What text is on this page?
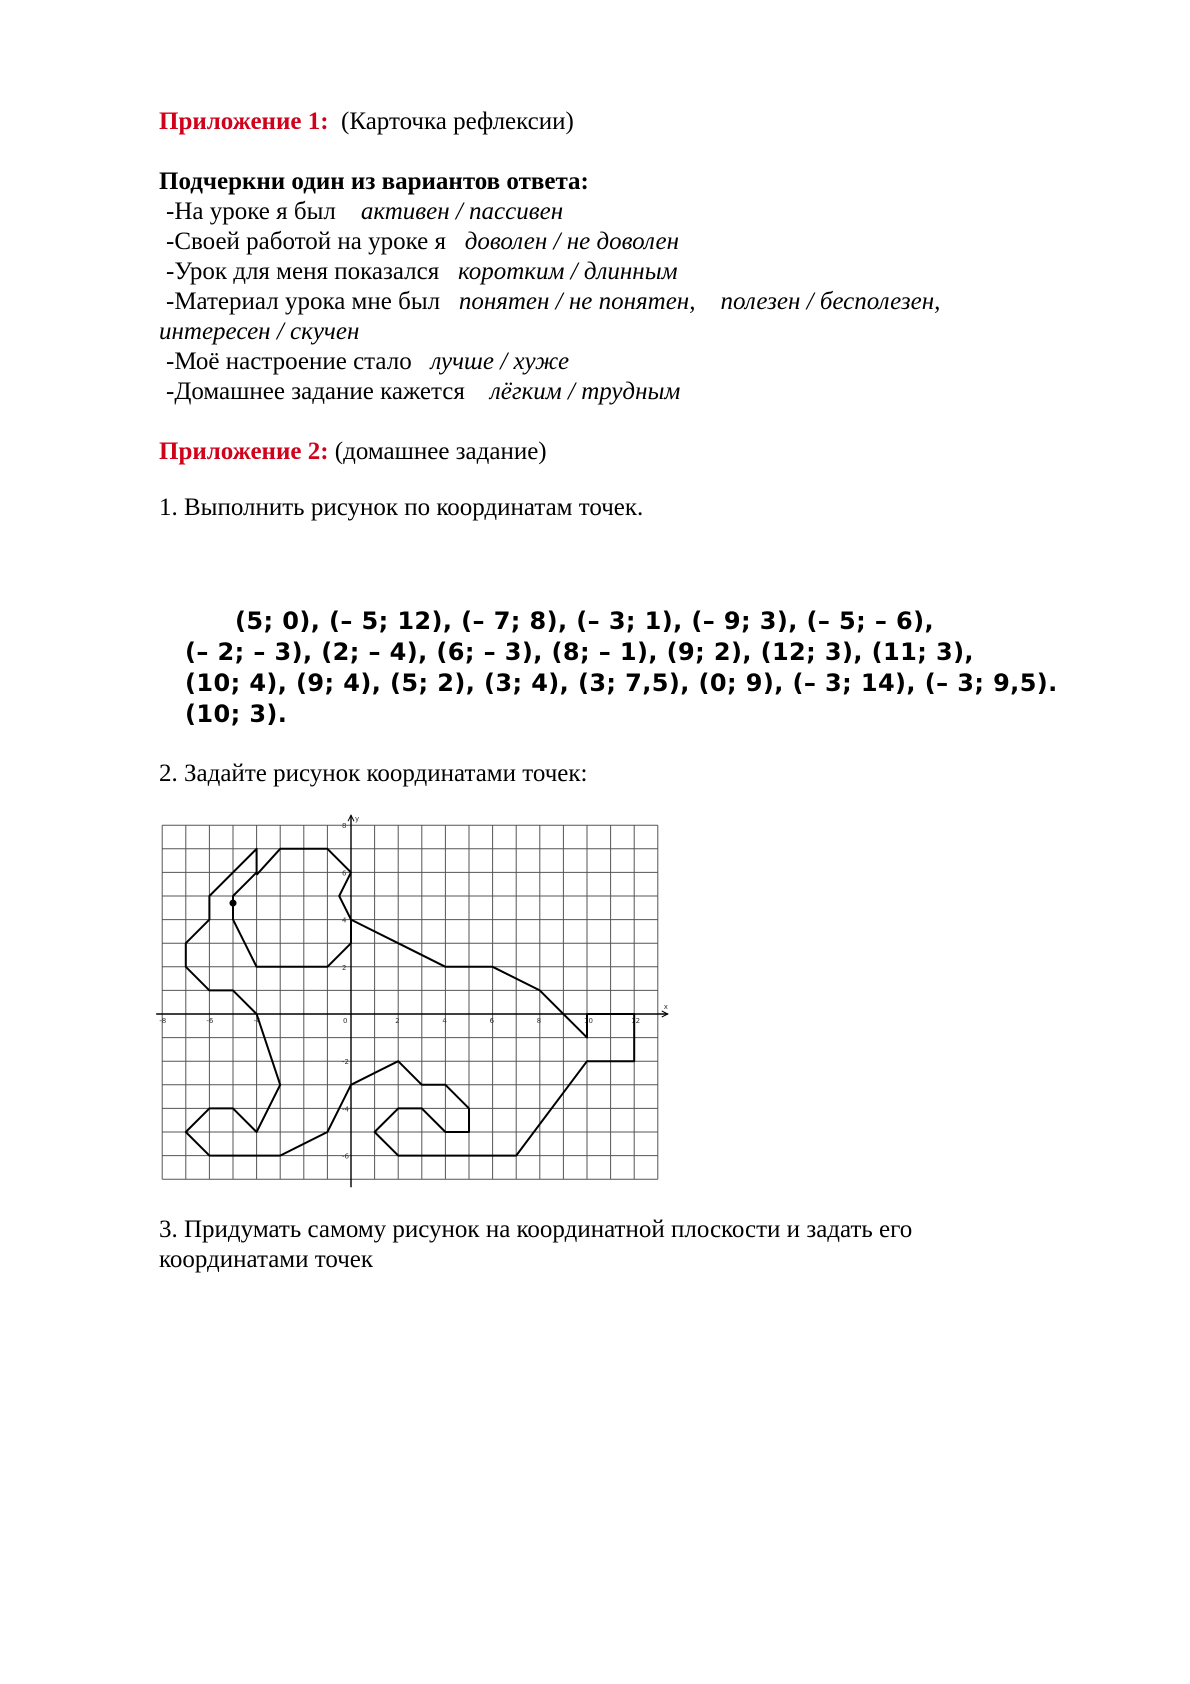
Приложение 1: (Карточка рефлексии)
Подчеркни один из вариантов ответа:
-На уроке я был активен / пассивен
-Своей работой на уроке я доволен / не доволен
-Урок для меня показался коротким / длинным
-Материал урока мне был понятен / не понятен,    полезен / бесполезен,
интересен / скучен
-Моё настроение стало лучше / хуже
-Домашнее задание кажется лёгким / трудным
Приложение 2: (домашнее задание)
1. Выполнить рисунок по координатам точек.
(5; 0), (– 5; 12), (– 7; 8), (– 3; 1), (– 9; 3), (– 5; – 6),
(– 2; – 3), (2; – 4), (6; – 3), (8; – 1), (9; 2), (12; 3), (11; 3),
(10; 4), (9; 4), (5; 2), (3; 4), (3; 7,5), (0; 9), (– 3; 14), (– 3; 9,5).
(10; 3).
2. Задайте рисунок координатами точек:
x
y
-8	-6	-4	2	4	6	8	10	12
8
6
4
2
-2
-4
-6
0
3. Придумать самому рисунок на координатной плоскости и задать его
координатами точек
